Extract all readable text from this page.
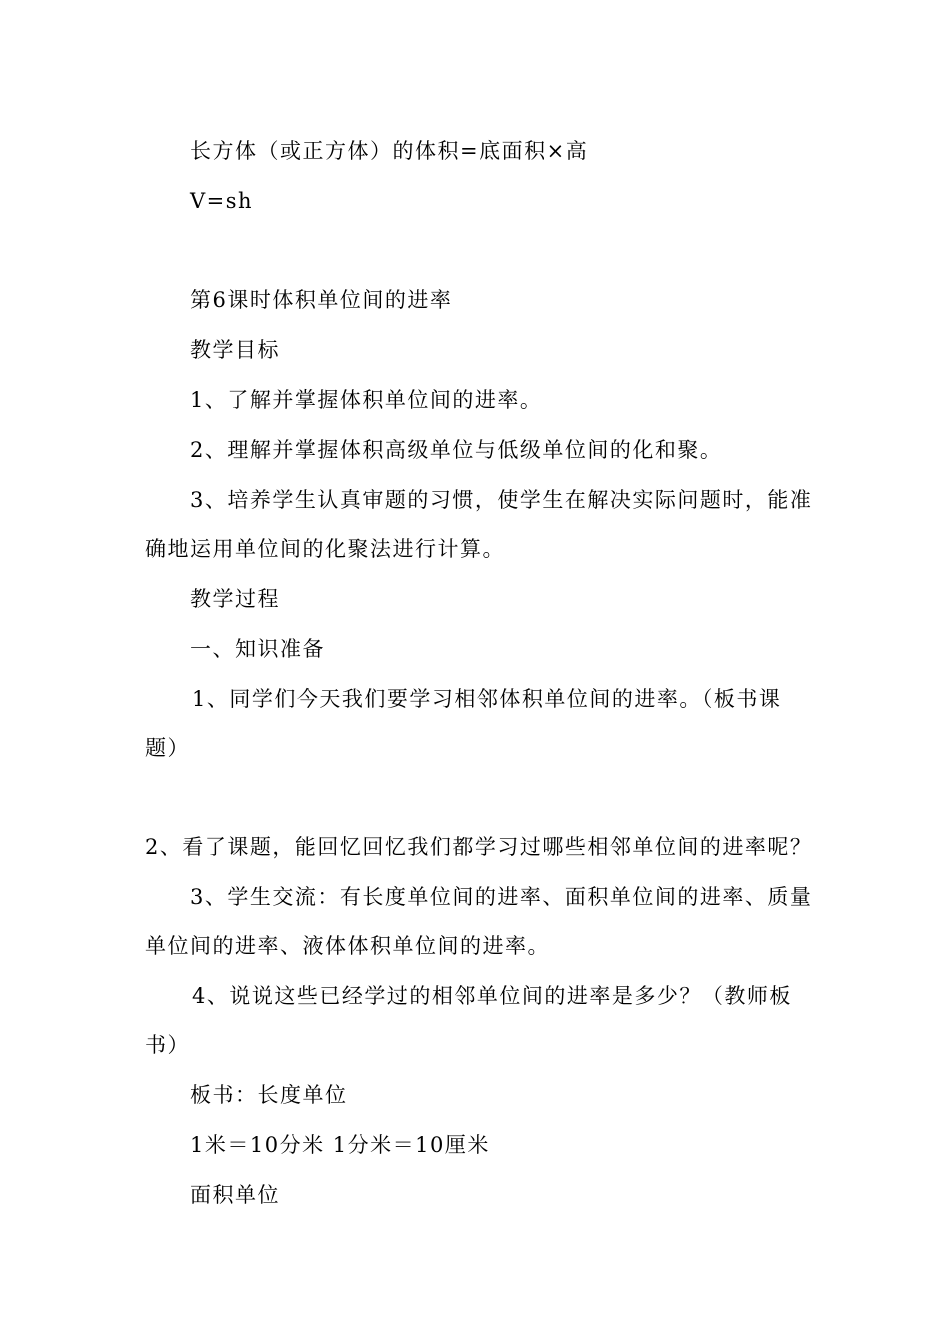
长方体（或正方体）的体积=底面积×高

V=sh

第6课时体积单位间的进率

教学目标

1、了解并掌握体积单位间的进率。

2、理解并掌握体积高级单位与低级单位间的化和聚。

3、培养学生认真审题的习惯，使学生在解决实际问题时，能准

确地运用单位间的化聚法进行计算。

教学过程

一、知识准备

1、同学们今天我们要学习相邻体积单位间的进率。（板书课

题）

2、看了课题，能回忆回忆我们都学习过哪些相邻单位间的进率呢？

3、学生交流：有长度单位间的进率、面积单位间的进率、质量

单位间的进率、液体体积单位间的进率。

4、说说这些已经学过的相邻单位间的进率是多少？（教师板

书）

板书：长度单位

1米＝10分米 1分米＝10厘米

面积单位
